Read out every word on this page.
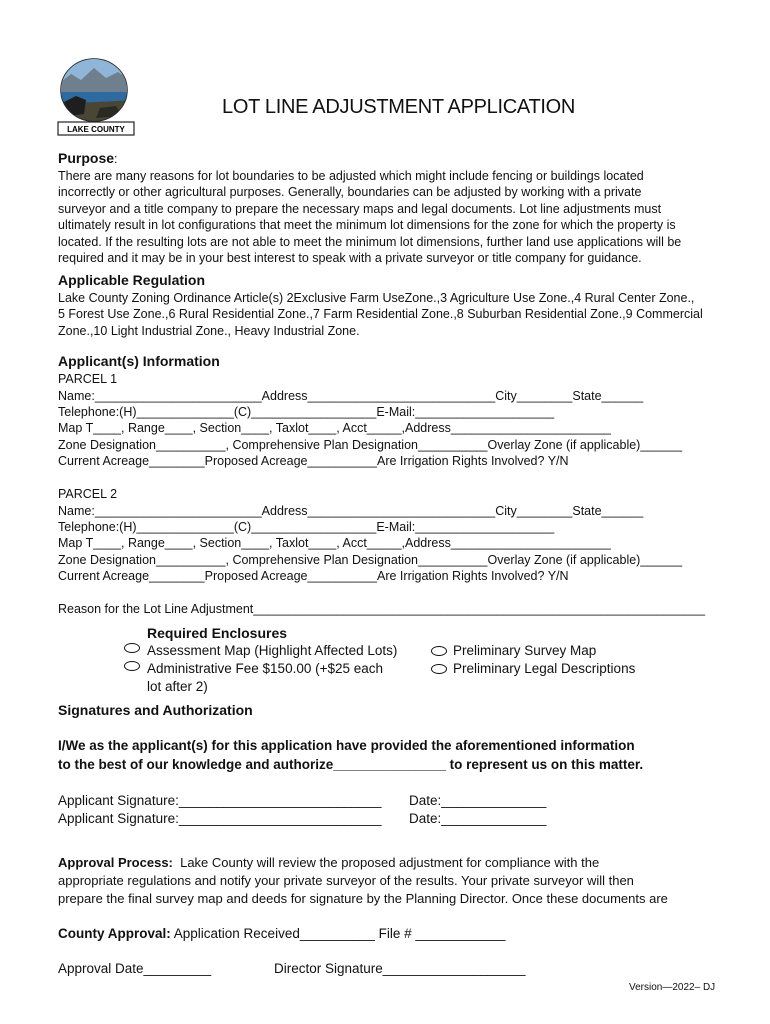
LAKE COUNTY
LOT LINE ADJUSTMENT APPLICATION
Purpose:
There are many reasons for lot boundaries to be adjusted which might include fencing or buildings located
incorrectly or other agricultural purposes. Generally, boundaries can be adjusted by working with a private
surveyor and a title company to prepare the necessary maps and legal documents. Lot line adjustments must
ultimately result in lot configurations that meet the minimum lot dimensions for the zone for which the property is
located. If the resulting lots are not able to meet the minimum lot dimensions, further land use applications will be
required and it may be in your best interest to speak with a private surveyor or title company for guidance.
Applicable Regulation
Lake County Zoning Ordinance Article(s) 2Exclusive Farm UseZone.,3 Agriculture Use Zone.,4 Rural Center Zone.,
5 Forest Use Zone.,6 Rural Residential Zone.,7 Farm Residential Zone.,8 Suburban Residential Zone.,9 Commercial
Zone.,10 Light Industrial Zone., Heavy Industrial Zone.
Applicant(s) Information
PARCEL 1
Name:________________________Address___________________________City________State______
Telephone:(H)______________(C)__________________E-Mail:____________________
Map T____, Range____, Section____, Taxlot____, Acct_____,Address_______________________
Zone Designation__________, Comprehensive Plan Designation__________Overlay Zone (if applicable)______
Current Acreage________Proposed Acreage__________Are Irrigation Rights Involved? Y/N
PARCEL 2
Name:________________________Address___________________________City________State______
Telephone:(H)______________(C)__________________E-Mail:____________________
Map T____, Range____, Section____, Taxlot____, Acct_____,Address_______________________
Zone Designation__________, Comprehensive Plan Designation__________Overlay Zone (if applicable)______
Current Acreage________Proposed Acreage__________Are Irrigation Rights Involved? Y/N
Reason for the Lot Line Adjustment_________________________________________________________________
Required Enclosures
Assessment Map (Highlight Affected Lots)
Administrative Fee $150.00 (+$25 each
lot after 2)
Preliminary Survey Map
Preliminary Legal Descriptions
Signatures and Authorization
I/We as the applicant(s) for this application have provided the aforementioned information
to the best of our knowledge and authorize_______________ to represent us on this matter.
Applicant Signature:___________________________ Date:______________
Applicant Signature:___________________________ Date:______________
Approval Process:  Lake County will review the proposed adjustment for compliance with the
appropriate regulations and notify your private surveyor of the results. Your private surveyor will then
prepare the final survey map and deeds for signature by the Planning Director. Once these documents are
County Approval: Application Received__________ File # ____________
Approval Date_________	Director Signature___________________
Version—2022– DJ
